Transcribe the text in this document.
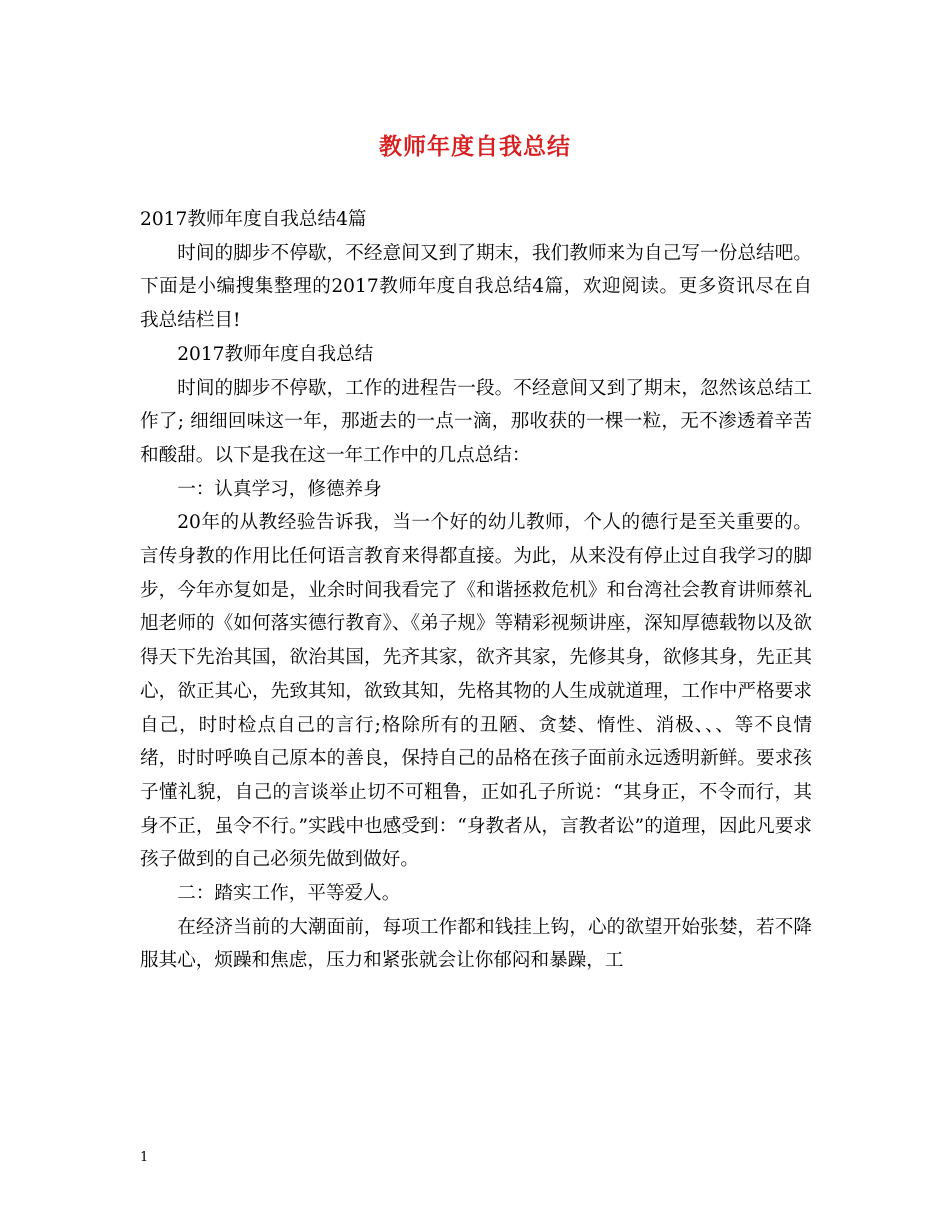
教师年度自我总结

2017教师年度自我总结4篇

时间的脚步不停歇，不经意间又到了期末，我们教师来为自己写一份总结吧。下面是小编搜集整理的2017教师年度自我总结4篇，欢迎阅读。更多资讯尽在自我总结栏目!

2017教师年度自我总结

时间的脚步不停歇，工作的进程告一段。不经意间又到了期末，忽然该总结工作了; 细细回味这一年，那逝去的一点一滴，那收获的一棵一粒，无不渗透着辛苦和酸甜。以下是我在这一年工作中的几点总结：

一：认真学习，修德养身

20年的从教经验告诉我，当一个好的幼儿教师，个人的德行是至关重要的。言传身教的作用比任何语言教育来得都直接。为此，从来没有停止过自我学习的脚步，今年亦复如是，业余时间我看完了《和谐拯救危机》和台湾社会教育讲师蔡礼旭老师的《如何落实德行教育》、《弟子规》等精彩视频讲座，深知厚德载物以及欲得天下先治其国，欲治其国，先齐其家，欲齐其家，先修其身，欲修其身，先正其心，欲正其心，先致其知，欲致其知，先格其物的人生成就道理，工作中严格要求自己，时时检点自己的言行;格除所有的丑陋、贪婪、惰性、消极、、、等不良情绪，时时呼唤自己原本的善良，保持自己的品格在孩子面前永远透明新鲜。要求孩子懂礼貌，自己的言谈举止切不可粗鲁，正如孔子所说：“其身正，不令而行，其身不正，虽令不行。”实践中也感受到：“身教者从，言教者讼”的道理，因此凡要求孩子做到的自己必须先做到做好。

二：踏实工作，平等爱人。

在经济当前的大潮面前，每项工作都和钱挂上钩，心的欲望开始张婪，若不降服其心，烦躁和焦虑，压力和紧张就会让你郁闷和暴躁，工

1
